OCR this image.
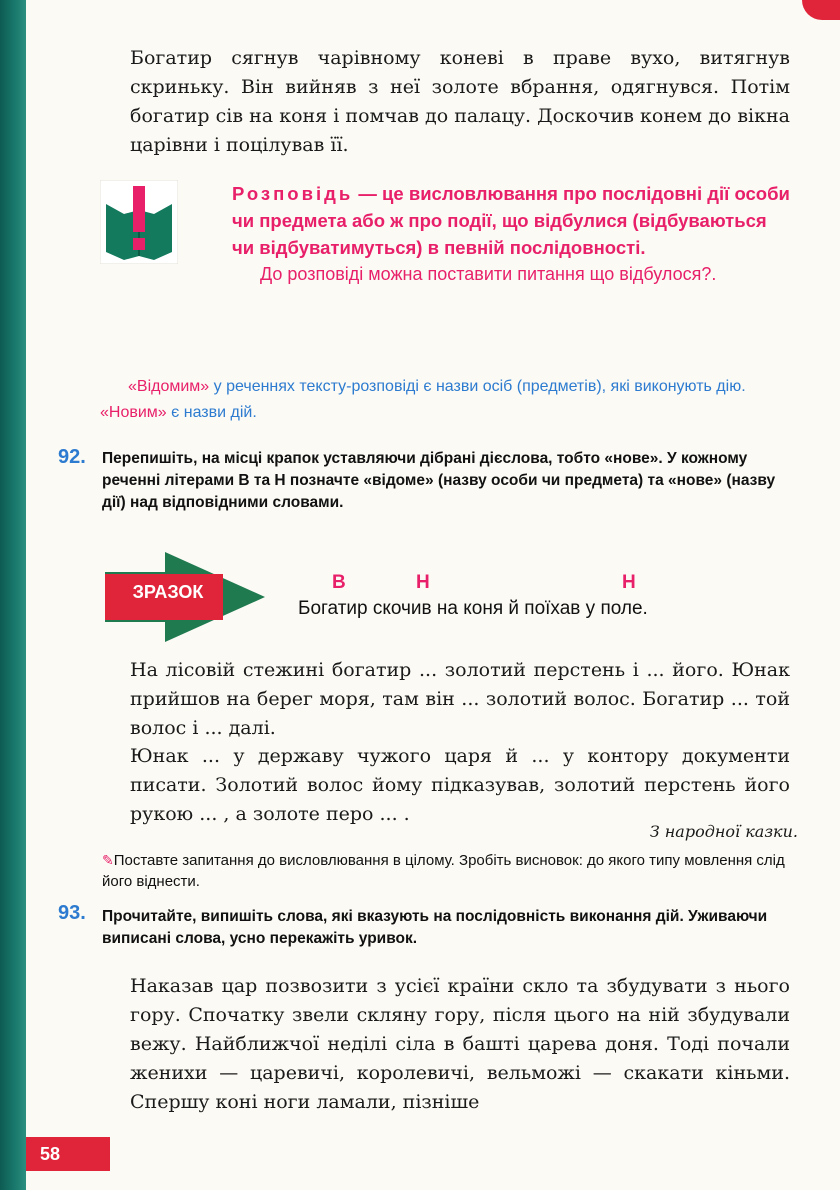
Богатир сягнув чарівному коневі в праве вухо, витягнув скриньку. Він вийняв з неї золоте вбрання, одягнувся. Потім богатир сів на коня і помчав до палацу. Доскочив конем до вікна царівни і поцілував її.

Розповідь — це висловлювання про послідовні дії особи чи предмета або ж про події, що відбулися (відбуваються чи відбуватимуться) в певній послідовності.

До розповіді можна поставити питання що відбулося?.

«Відомим» у реченнях тексту-розповіді є назви осіб (предметів), які виконують дію. «Новим» є назви дій.

92. Перепишіть, на місці крапок уставляючи дібрані дієслова, тобто «нове». У кожному реченні літерами В та Н позначте «відоме» (назву особи чи предмета) та «нове» (назву дії) над відповідними словами.

ЗРАЗОК	В	Н	Н

Богатир скочив на коня й поїхав у поле.

На лісовій стежині богатир ... золотий перстень і ... його. Юнак прийшов на берег моря, там він ... золотий волос. Богатир ... той волос і ... далі.

Юнак ... у державу чужого царя й ... у контору документи писати. Золотий волос йому підказував, золотий перстень його рукою ... , а золоте перо ... .

З народної казки.

✎Поставте запитання до висловлювання в цілому. Зробіть висновок: до якого типу мовлення слід його віднести.

93. Прочитайте, випишіть слова, які вказують на послідовність виконання дій. Уживаючи виписані слова, усно перекажіть уривок.

Наказав цар позвозити з усієї країни скло та збудувати з нього гору. Спочатку звели скляну гору, після цього на ній збудували вежу. Найближчої неділі сіла в башті царева доня. Тоді почали женихи — царевичі, королевичі, вельможі — скакати кіньми. Спершу коні ноги ламали, пізніше

58
